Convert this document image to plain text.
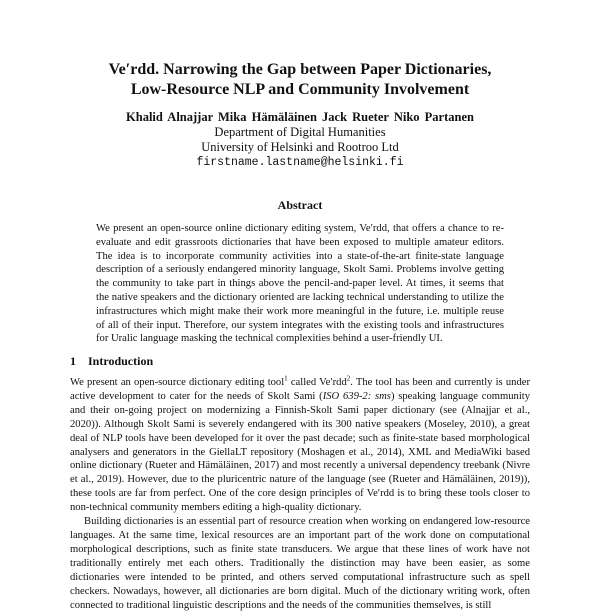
Ve′rdd. Narrowing the Gap between Paper Dictionaries,
Low-Resource NLP and Community Involvement
Khalid Alnajjar Mika Hämäläinen Jack Rueter Niko Partanen
Department of Digital Humanities
University of Helsinki and Rootroo Ltd
firstname.lastname@helsinki.fi
Abstract

We present an open-source online dictionary editing system, Ve′rdd, that offers a chance to re-evaluate and edit grassroots dictionaries that have been exposed to multiple amateur editors. The idea is to incorporate community activities into a state-of-the-art finite-state language description of a seriously endangered minority language, Skolt Sami. Problems involve getting the community to take part in things above the pencil-and-paper level. At times, it seems that the native speakers and the dictionary oriented are lacking technical understanding to utilize the infrastructures which might make their work more meaningful in the future, i.e. multiple reuse of all of their input. Therefore, our system integrates with the existing tools and infrastructures for Uralic language masking the technical complexities behind a user-friendly UI.

1 Introduction

We present an open-source dictionary editing tool$^1$ called Ve′rdd$^2$. The tool has been and currently is under active development to cater for the needs of Skolt Sami (ISO 639-2: sms) speaking language community and their on-going project on modernizing a Finnish-Skolt Sami paper dictionary (see (Alnajjar et al., 2020)). Although Skolt Sami is severely endangered with its 300 native speakers (Moseley, 2010), a great deal of NLP tools have been developed for it over the past decade; such as finite-state based morphological analysers and generators in the GiellaLT repository (Moshagen et al., 2014), XML and MediaWiki based online dictionary (Rueter and Hämäläinen, 2017) and most recently a universal dependency treebank (Nivre et al., 2019). However, due to the pluricentric nature of the language (see (Rueter and Hämäläinen, 2019)), these tools are far from perfect. One of the core design principles of Ve′rdd is to bring these tools closer to non-technical community members editing a high-quality dictionary.

Building dictionaries is an essential part of resource creation when working on endangered low-resource languages. At the same time, lexical resources are an important part of the work done on computational morphological descriptions, such as finite state transducers. We argue that these lines of work have not traditionally entirely met each others. Traditionally the distinction may have been easier, as some dictionaries were intended to be printed, and others served computational infrastructure such as spell checkers. Nowadays, however, all dictionaries are born digital. Much of the dictionary writing work, often connected to traditional linguistic descriptions and the needs of the communities themselves, is still
